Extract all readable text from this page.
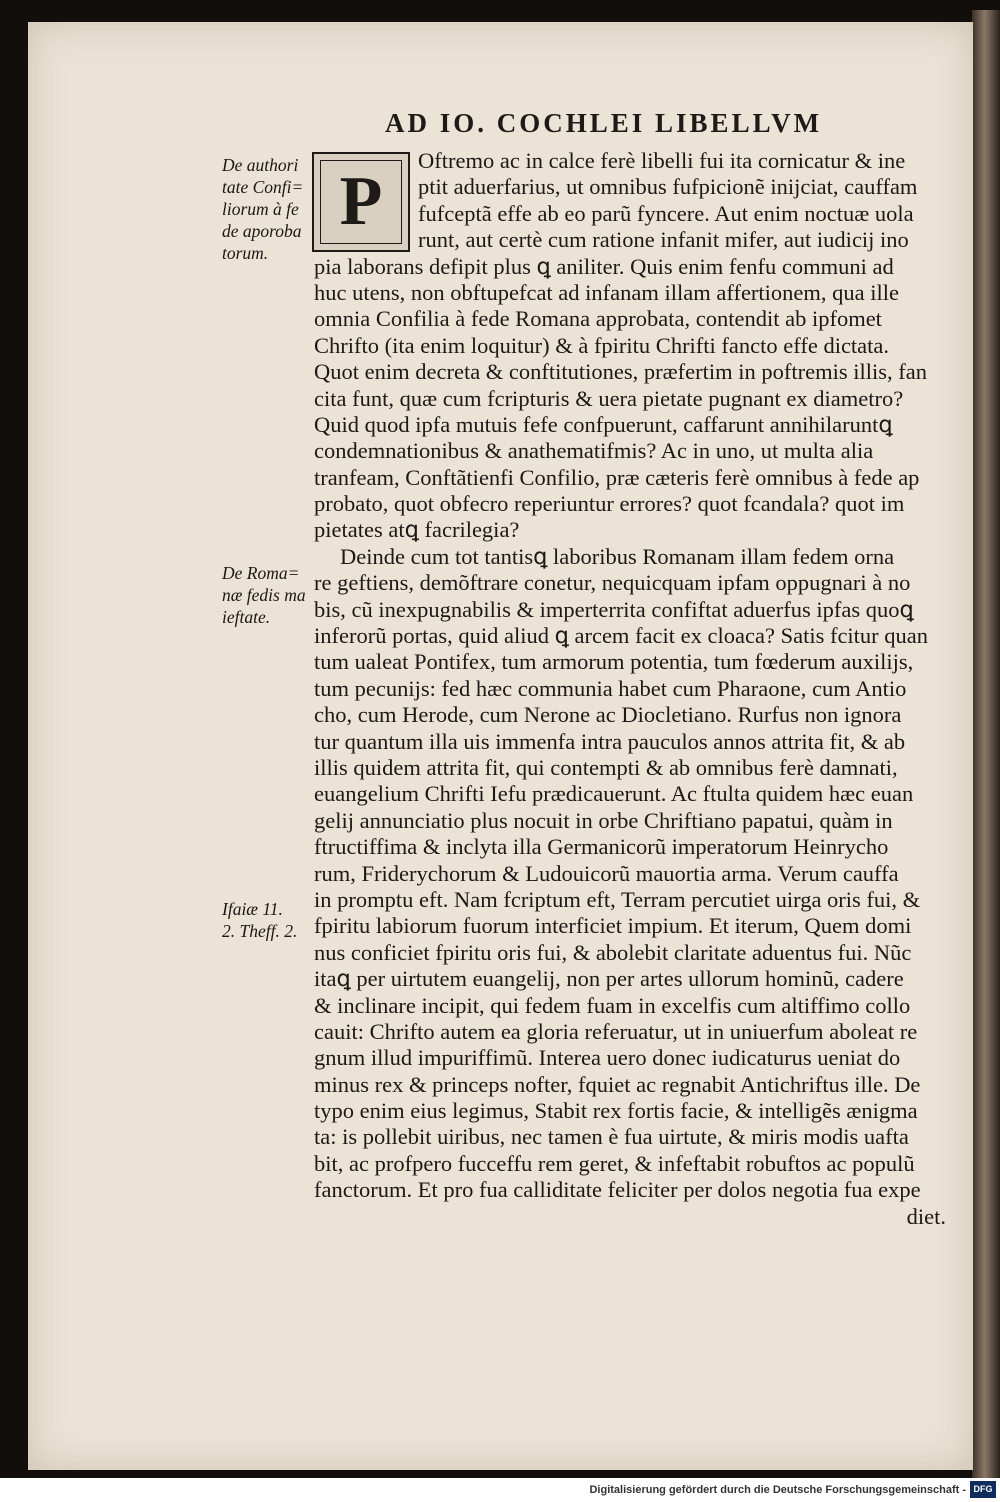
AD IO. COCHLEI LIBELLVM
P
Oftremo ac in calce ferè libelli fui ita cornicatur & ine
ptit aduerfarius, ut omnibus fufpicionẽ inijciat, cauffam
fufceptã effe ab eo parũ fyncere. Aut enim noctuæ uola
runt, aut certè cum ratione infanit mifer, aut iudicij ino
pia laborans defipit plus ꝗ aniliter. Quis enim fenfu communi ad
huc utens, non obftupefcat ad infanam illam affertionem, qua ille
omnia Confilia à fede Romana approbata, contendit ab ipfomet
Chrifto (ita enim loquitur) & à fpiritu Chrifti fancto effe dictata.
Quot enim decreta & conftitutiones, præfertim in poftremis illis, fan
cita funt, quæ cum fcripturis & uera pietate pugnant ex diametro?
Quid quod ipfa mutuis fefe confpuerunt, caffarunt annihilaruntꝗ
condemnationibus & anathematifmis? Ac in uno, ut multa alia
tranfeam, Conftãtienfi Confilio, præ cæteris ferè omnibus à fede ap
probato, quot obfecro reperiuntur errores? quot fcandala? quot im
pietates atꝗ facrilegia?
Deinde cum tot tantisꝗ laboribus Romanam illam fedem orna
re geftiens, demõftrare conetur, nequicquam ipfam oppugnari à no
bis, cũ inexpugnabilis & imperterrita confiftat aduerfus ipfas quoꝗ
inferorũ portas, quid aliud ꝗ arcem facit ex cloaca? Satis fcitur quan
tum ualeat Pontifex, tum armorum potentia, tum fœderum auxilijs,
tum pecunijs: fed hæc communia habet cum Pharaone, cum Antio
cho, cum Herode, cum Nerone ac Diocletiano. Rurfus non ignora
tur quantum illa uis immenfa intra pauculos annos attrita fit, & ab
illis quidem attrita fit, qui contempti & ab omnibus ferè damnati,
euangelium Chrifti Iefu prædicauerunt. Ac ftulta quidem hæc euan
gelij annunciatio plus nocuit in orbe Chriftiano papatui, quàm in
ftructiffima & inclyta illa Germanicorũ imperatorum Heinrycho
rum, Friderychorum & Ludouicorũ mauortia arma. Verum cauffa
in promptu eft. Nam fcriptum eft, Terram percutiet uirga oris fui, &
fpiritu labiorum fuorum interficiet impium. Et iterum, Quem domi
nus conficiet fpiritu oris fui, & abolebit claritate aduentus fui. Nũc
itaꝗ per uirtutem euangelij, non per artes ullorum hominũ, cadere
& inclinare incipit, qui fedem fuam in excelfis cum altiffimo collo
cauit: Chrifto autem ea gloria referuatur, ut in uniuerfum aboleat re
gnum illud impuriffimũ. Interea uero donec iudicaturus ueniat do
minus rex & princeps nofter, fquiet ac regnabit Antichriftus ille. De
typo enim eius legimus, Stabit rex fortis facie, & intelligẽs ænigma
ta: is pollebit uiribus, nec tamen è fua uirtute, & miris modis uafta
bit, ac profpero fucceffu rem geret, & infeftabit robuftos ac populũ
fanctorum. Et pro fua calliditate feliciter per dolos negotia fua expe
diet.
De authori
tate Confi=
liorum à fe
de aporoba
torum.
De Roma=
næ fedis ma
ieftate.
Ifaiæ 11.
2. Theff. 2.
Digitalisierung gefördert durch die Deutsche Forschungsgemeinschaft - DFG
